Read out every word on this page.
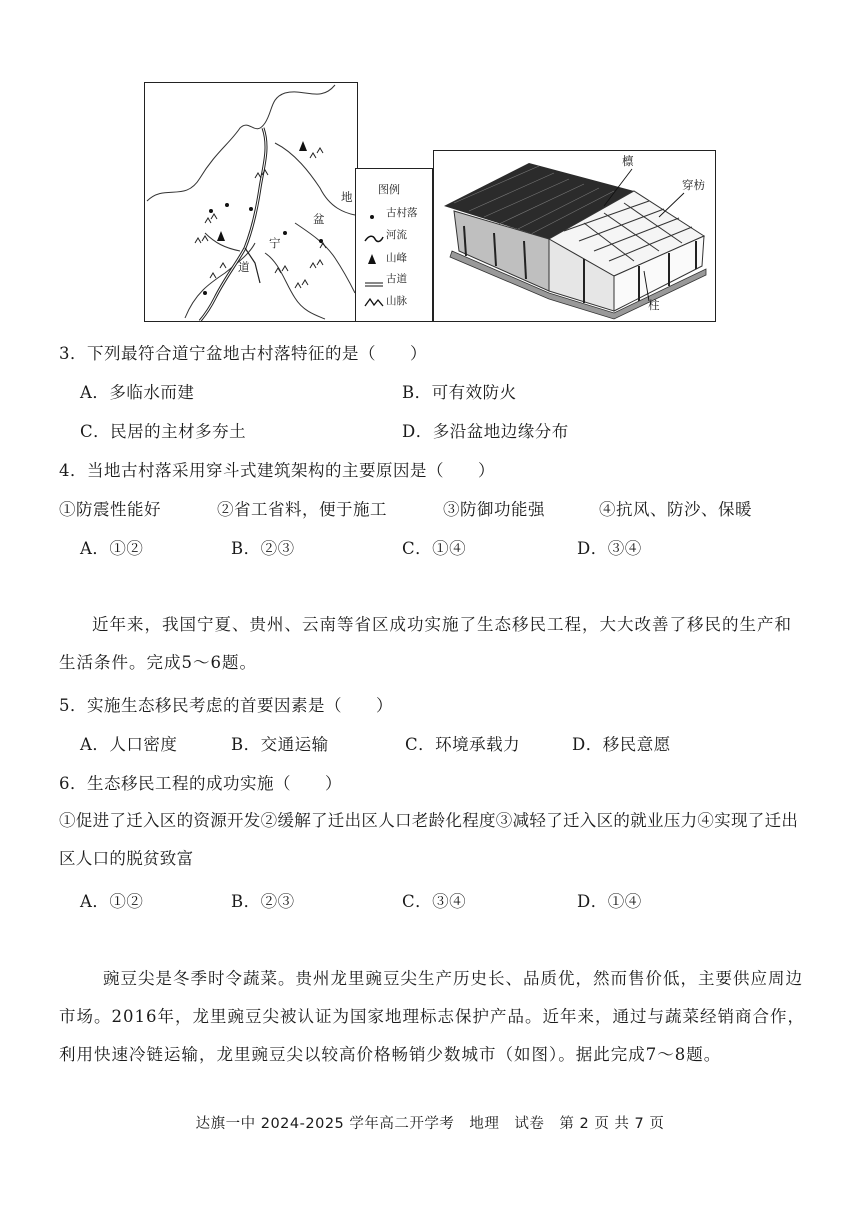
道
宁
盆
地
图例
古村落
河流
山峰
古道
山脉
檩
穿枋
柱
3．下列最符合道宁盆地古村落特征的是（　　）
A．多临水而建	B．可有效防火
C．民居的主材多夯土	D．多沿盆地边缘分布
4．当地古村落采用穿斗式建筑架构的主要原因是（　　）
①防震性能好	②省工省料，便于施工	③防御功能强	④抗风、防沙、保暖
A．①②	B．②③	C．①④	D．③④
近年来，我国宁夏、贵州、云南等省区成功实施了生态移民工程，大大改善了移民的生产和生活条件。完成5～6题。
5．实施生态移民考虑的首要因素是（　　）
A．人口密度	B．交通运输	C．环境承载力	D．移民意愿
6．生态移民工程的成功实施（　　）
①促进了迁入区的资源开发②缓解了迁出区人口老龄化程度③减轻了迁入区的就业压力④实现了迁出区人口的脱贫致富
A．①②	B．②③	C．③④	D．①④
豌豆尖是冬季时令蔬菜。贵州龙里豌豆尖生产历史长、品质优，然而售价低，主要供应周边市场。2016年，龙里豌豆尖被认证为国家地理标志保护产品。近年来，通过与蔬菜经销商合作，利用快速冷链运输，龙里豌豆尖以较高价格畅销少数城市（如图）。据此完成7～8题。
达旗一中 2024-2025 学年高二开学考　地理　试卷　第 2 页 共 7 页
